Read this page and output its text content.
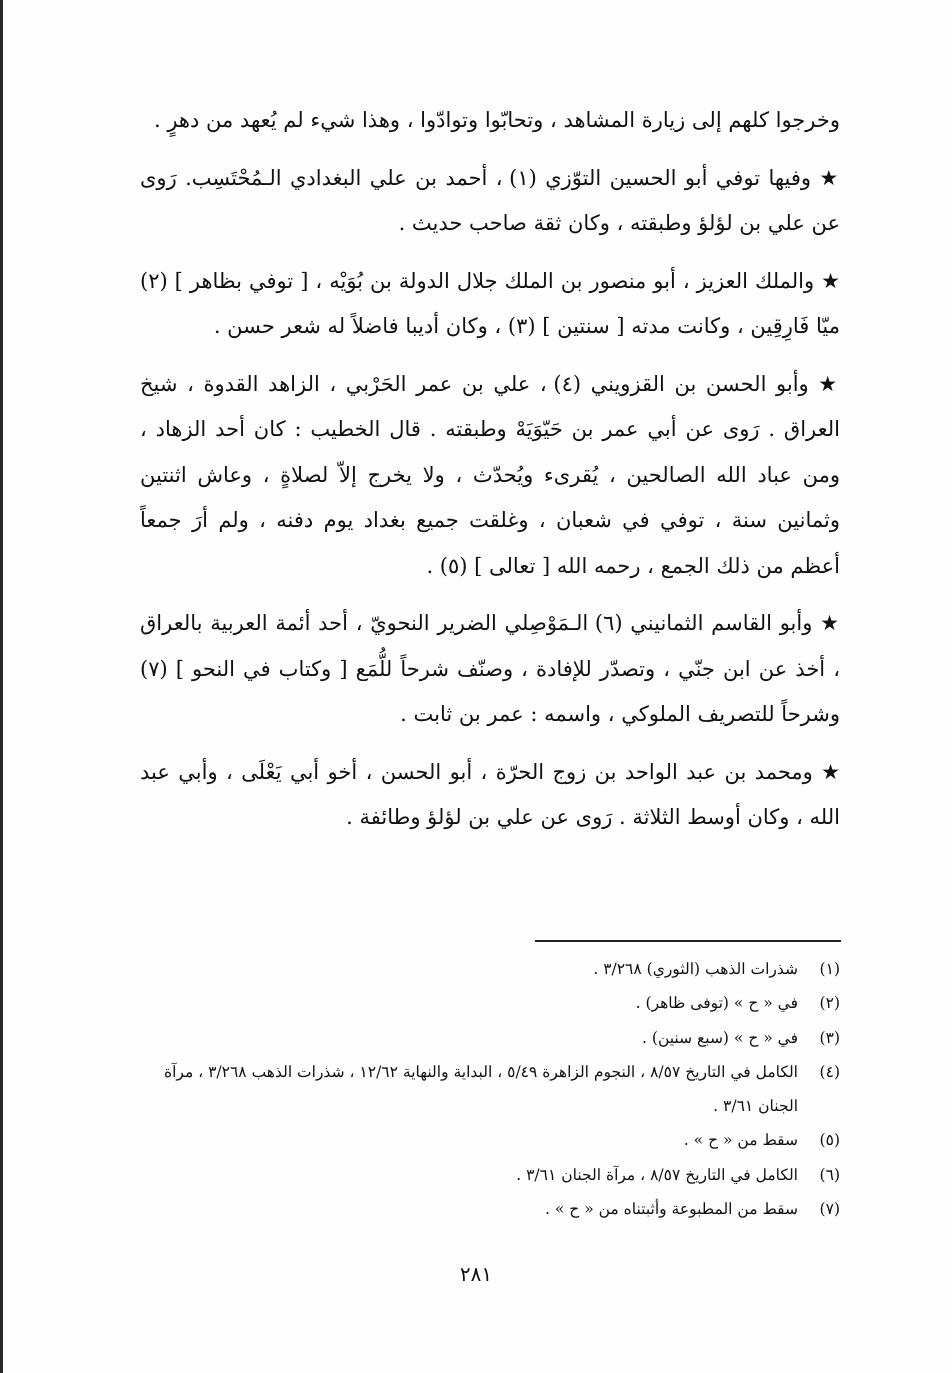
وخرجوا كلهم إلى زيارة المشاهد ، وتحابّوا وتوادّوا ، وهذا شيء لم يُعهد من دهرٍ .

★ وفيها توفي أبو الحسين التوّزي (١) ، أحمد بن علي البغدادي الـمُحْتَسِب. رَوى عن علي بن لؤلؤ وطبقته ، وكان ثقة صاحب حديث .

★ والملك العزيز ، أبو منصور بن الملك جلال الدولة بن بُوَيْه ، [ توفي بظاهر ] (٢) ميّا فَارِقِين ، وكانت مدته [ سنتين ] (٣) ، وكان أديبا فاضلاً له شعر حسن .

★ وأبو الحسن بن القزويني (٤) ، علي بن عمر الحَرْبي ، الزاهد القدوة ، شيخ العراق . رَوى عن أبي عمر بن حَيّوَيَهْ وطبقته . قال الخطيب : كان أحد الزهاد ، ومن عباد الله الصالحين ، يُقرىء ويُحدّث ، ولا يخرج إلاّ لصلاةٍ ، وعاش اثنتين وثمانين سنة ، توفي في شعبان ، وغلقت جميع بغداد يوم دفنه ، ولم أرَ جمعاً أعظم من ذلك الجمع ، رحمه الله [ تعالى ] (٥) .

★ وأبو القاسم الثمانيني (٦) الـمَوْصِلي الضرير النحويّ ، أحد أئمة العربية بالعراق ، أخذ عن ابن جنّي ، وتصدّر للإفادة ، وصنّف شرحاً للُّمَع [ وكتاب في النحو ] (٧) وشرحاً للتصريف الملوكي ، واسمه : عمر بن ثابت .

★ ومحمد بن عبد الواحد بن زوج الحرّة ، أبو الحسن ، أخو أبي يَعْلَى ، وأبي عبد الله ، وكان أوسط الثلاثة . رَوى عن علي بن لؤلؤ وطائفة .

(١)
شذرات الذهب (الثوري) ٣/٢٦٨ .

(٢)
في « ح » (توفى ظاهر) .

(٣)
في « ح » (سبع سنين) .

(٤)
الكامل في التاريخ ٨/٥٧ ، النجوم الزاهرة ٥/٤٩ ، البداية والنهاية ١٢/٦٢ ، شذرات الذهب ٣/٢٦٨ ، مرآة الجنان ٣/٦١ .

(٥)
سقط من « ح » .

(٦)
الكامل في التاريخ ٨/٥٧ ، مرآة الجنان ٣/٦١ .

(٧)
سقط من المطبوعة وأثبتناه من « ح » .

٢٨١
